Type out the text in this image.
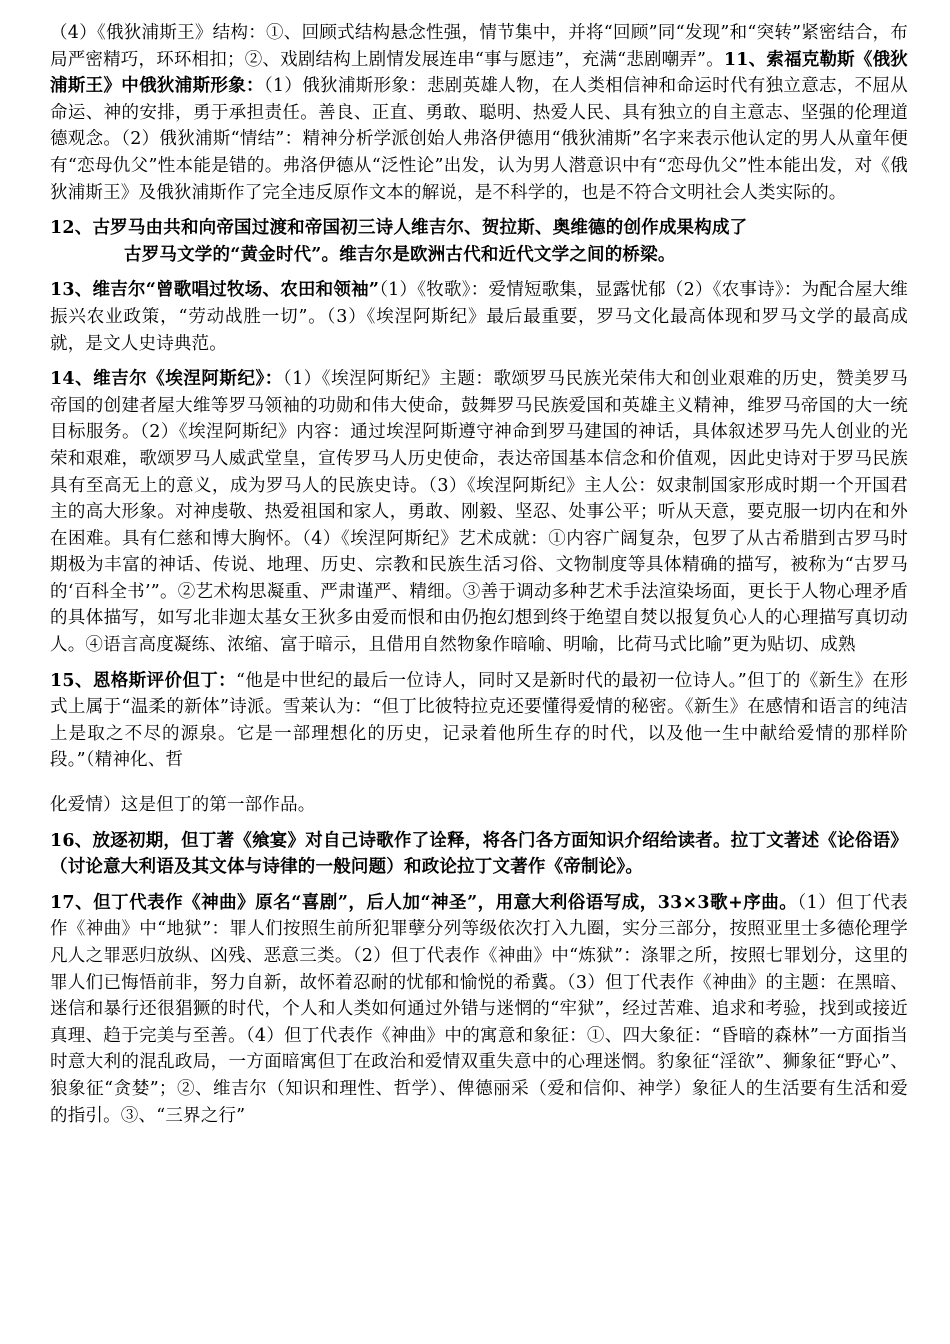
（4）《俄狄浦斯王》结构：①、回顾式结构悬念性强，情节集中，并将“回顾”同“发现”和“突转”紧密结合，布局严密精巧，环环相扣；②、戏剧结构上剧情发展连串“事与愿违”，充满“悲剧嘲弄”。11、索福克勒斯《俄狄浦斯王》中俄狄浦斯形象：（1）俄狄浦斯形象：悲剧英雄人物，在人类相信神和命运时代有独立意志，不屈从命运、神的安排，勇于承担责任。善良、正直、勇敢、聪明、热爱人民、具有独立的自主意志、坚强的伦理道德观念。（2）俄狄浦斯“情结”：精神分析学派创始人弗洛伊德用“俄狄浦斯”名字来表示他认定的男人从童年便有“恋母仇父”性本能是错的。弗洛伊德从“泛性论”出发，认为男人潜意识中有“恋母仇父”性本能出发，对《俄狄浦斯王》及俄狄浦斯作了完全违反原作文本的解说，是不科学的，也是不符合文明社会人类实际的。

12、古罗马由共和向帝国过渡和帝国初三诗人维吉尔、贺拉斯、奥维德的创作成果构成了
古罗马文学的“黄金时代”。维吉尔是欧洲古代和近代文学之间的桥梁。

13、维吉尔“曾歌唱过牧场、农田和领袖”（1）《牧歌》：爱情短歌集，显露忧郁（2）《农事诗》：为配合屋大维振兴农业政策，“劳动战胜一切”。（3）《埃涅阿斯纪》最后最重要，罗马文化最高体现和罗马文学的最高成就，是文人史诗典范。

14、维吉尔《埃涅阿斯纪》：（1）《埃涅阿斯纪》主题：歌颂罗马民族光荣伟大和创业艰难的历史，赞美罗马帝国的创建者屋大维等罗马领袖的功勋和伟大使命，鼓舞罗马民族爱国和英雄主义精神，维罗马帝国的大一统目标服务。（2）《埃涅阿斯纪》内容：通过埃涅阿斯遵守神命到罗马建国的神话，具体叙述罗马先人创业的光荣和艰难，歌颂罗马人威武堂皇，宣传罗马人历史使命，表达帝国基本信念和价值观，因此史诗对于罗马民族具有至高无上的意义，成为罗马人的民族史诗。（3）《埃涅阿斯纪》主人公：奴隶制国家形成时期一个开国君主的高大形象。对神虔敬、热爱祖国和家人，勇敢、刚毅、坚忍、处事公平；听从天意，要克服一切内在和外在困难。具有仁慈和博大胸怀。（4）《埃涅阿斯纪》艺术成就：①内容广阔复杂，包罗了从古希腊到古罗马时期极为丰富的神话、传说、地理、历史、宗教和民族生活习俗、文物制度等具体精确的描写，被称为“古罗马的‘百科全书’”。②艺术构思凝重、严肃谨严、精细。③善于调动多种艺术手法渲染场面，更长于人物心理矛盾的具体描写，如写北非迦太基女王狄多由爱而恨和由仍抱幻想到终于绝望自焚以报复负心人的心理描写真切动人。④语言高度凝练、浓缩、富于暗示，且借用自然物象作暗喻、明喻，比荷马式比喻”更为贴切、成熟

15、恩格斯评价但丁：“他是中世纪的最后一位诗人，同时又是新时代的最初一位诗人。”但丁的《新生》在形式上属于“温柔的新体”诗派。雪莱认为：“但丁比彼特拉克还要懂得爱情的秘密。《新生》在感情和语言的纯洁上是取之不尽的源泉。它是一部理想化的历史，记录着他所生存的时代，以及他一生中献给爱情的那样阶段。”（精神化、哲

化爱情）这是但丁的第一部作品。

16、放逐初期，但丁著《飨宴》对自己诗歌作了诠释，将各门各方面知识介绍给读者。拉丁文著述《论俗语》（讨论意大利语及其文体与诗律的一般问题）和政论拉丁文著作《帝制论》。

17、但丁代表作《神曲》原名“喜剧”，后人加“神圣”，用意大利俗语写成，33×3歌+序曲。（1）但丁代表作《神曲》中“地狱”：罪人们按照生前所犯罪孽分列等级依次打入九圈，实分三部分，按照亚里士多德伦理学凡人之罪恶归放纵、凶残、恶意三类。（2）但丁代表作《神曲》中“炼狱”：涤罪之所，按照七罪划分，这里的罪人们已悔悟前非，努力自新，故怀着忍耐的忧郁和愉悦的希冀。（3）但丁代表作《神曲》的主题：在黑暗、迷信和暴行还很猖獗的时代，个人和人类如何通过外错与迷惘的“牢狱”，经过苦难、追求和考验，找到或接近真理、趋于完美与至善。（4）但丁代表作《神曲》中的寓意和象征：①、四大象征：“昏暗的森林”一方面指当时意大利的混乱政局，一方面暗寓但丁在政治和爱情双重失意中的心理迷惘。豹象征“淫欲”、狮象征“野心”、狼象征“贪婪”；②、维吉尔（知识和理性、哲学）、俾德丽采（爱和信仰、神学）象征人的生活要有生活和爱的指引。③、“三界之行”
